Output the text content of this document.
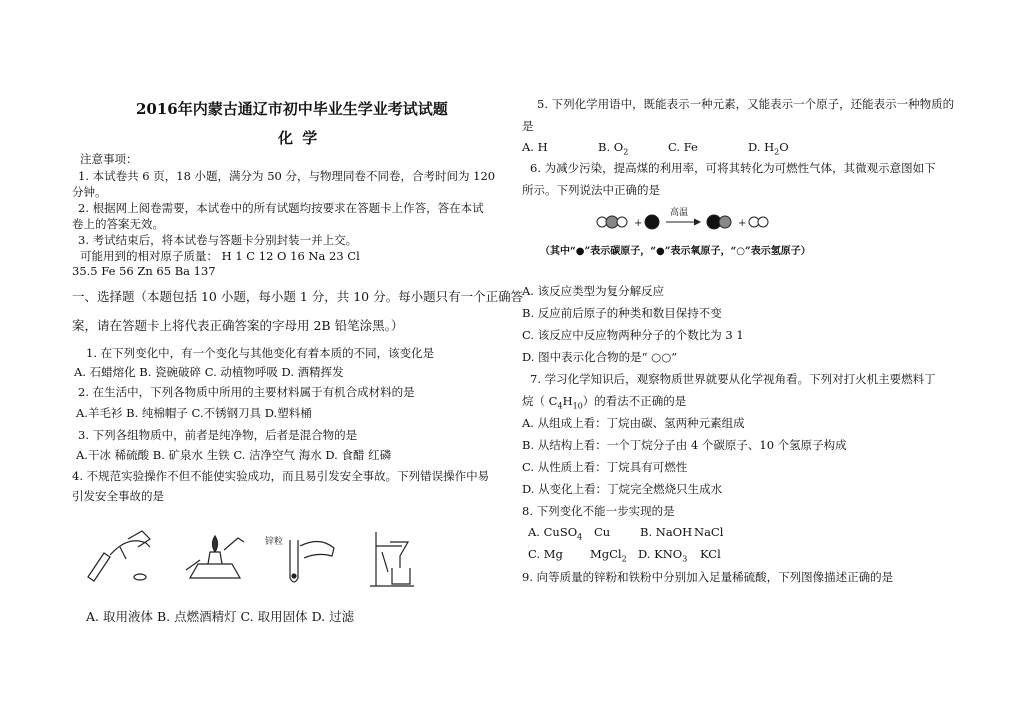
2016年内蒙古通辽市初中毕业生学业考试试题
化 学
注意事项：
1. 本试卷共 6 页，18 小题，满分为 50 分，与物理同卷不同卷，合考时间为 120
分钟。
2. 根据网上阅卷需要，本试卷中的所有试题均按要求在答题卡上作答，答在本试
卷上的答案无效。
3. 考试结束后，将本试卷与答题卡分别封装一并上交。
可能用到的相对原子质量： H 1 C 12 O 16 Na 23 Cl
35.5 Fe 56 Zn 65 Ba 137
一、选择题（本题包括 10 小题，每小题 1 分，共 10 分。每小题只有一个正确答
案，请在答题卡上将代表正确答案的字母用 2B 铅笔涂黑。）
1. 在下列变化中，有一个变化与其他变化有着本质的不同，该变化是
A. 石蜡熔化 B. 瓷碗破碎 C. 动植物呼吸 D. 酒精挥发
2. 在生活中，下列各物质中所用的主要材料属于有机合成材料的是
A.羊毛衫 B. 纯棉帽子 C.不锈钢刀具 D.塑料桶
3. 下列各组物质中，前者是纯净物，后者是混合物的是
A.干冰 稀硫酸 B. 矿泉水 生铁 C. 洁净空气 海水 D. 食醋 红磷
4. 不规范实验操作不但不能使实验成功，而且易引发安全事故。下列错误操作中易
引发安全事故的是
锌粒
A. 取用液体 B. 点燃酒精灯 C. 取用固体 D. 过滤
5. 下列化学用语中，既能表示一种元素，又能表示一个原子，还能表示一种物质的
是
A. H	B. $O_2$	C. Fe	D. $H_2O$
6. 为减少污染，提高煤的利用率，可将其转化为可燃性气体，其微观示意图如下
所示。下列说法中正确的是
+	+
高温
（其中“●”表示碳原子，“●”表示氧原子，“○”表示氢原子）
A. 该反应类型为复分解反应
B. 反应前后原子的种类和数目保持不变
C. 该反应中反应物两种分子的个数比为 3 1
D. 图中表示化合物的是“ ○○”
7. 学习化学知识后，观察物质世界就要从化学视角看。下列对打火机主要燃料丁
烷（ $C_4H_{10}$）的看法不正确的是
A. 从组成上看：丁烷由碳、氢两种元素组成
B. 从结构上看：一个丁烷分子由 4 个碳原子、10 个氢原子构成
C. 从性质上看：丁烷具有可燃性
D. 从变化上看：丁烷完全燃烧只生成水
8. 下列变化不能一步实现的是
A. CuSO$_4$ Cu	B. NaOH NaCl
C. Mg MgCl$_2$ D. $KNO_3$ KCl
9. 向等质量的锌粉和铁粉中分别加入足量稀硫酸，下列图像描述正确的是
